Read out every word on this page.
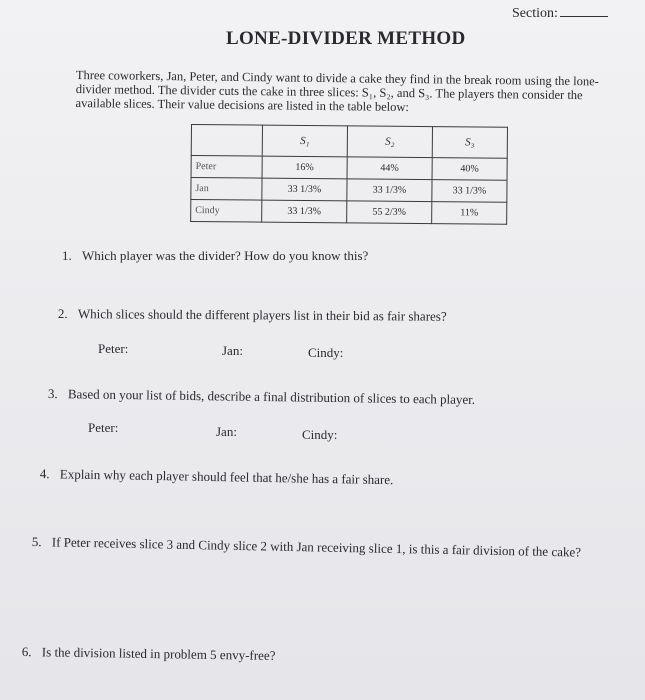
Section:
LONE-DIVIDER METHOD

Three coworkers, Jan, Peter, and Cindy want to divide a cake they find in the break room using the lone-divider method. The divider cuts the cake in three slices: S₁, S₂, and S₃. The players then consider the available slices. Their value decisions are listed in the table below:

	S₁	S₂	S₃
Peter	16%	44%	40%
Jan	33 1/3%	33 1/3%	33 1/3%
Cindy	33 1/3%	55 2/3%	11%

1. Which player was the divider? How do you know this?

2. Which slices should the different players list in their bid as fair shares?

Peter:	Jan:	Cindy:

3. Based on your list of bids, describe a final distribution of slices to each player.

Peter:	Jan:	Cindy:

4. Explain why each player should feel that he/she has a fair share.

5. If Peter receives slice 3 and Cindy slice 2 with Jan receiving slice 1, is this a fair division of the cake?

6. Is the division listed in problem 5 envy-free?
